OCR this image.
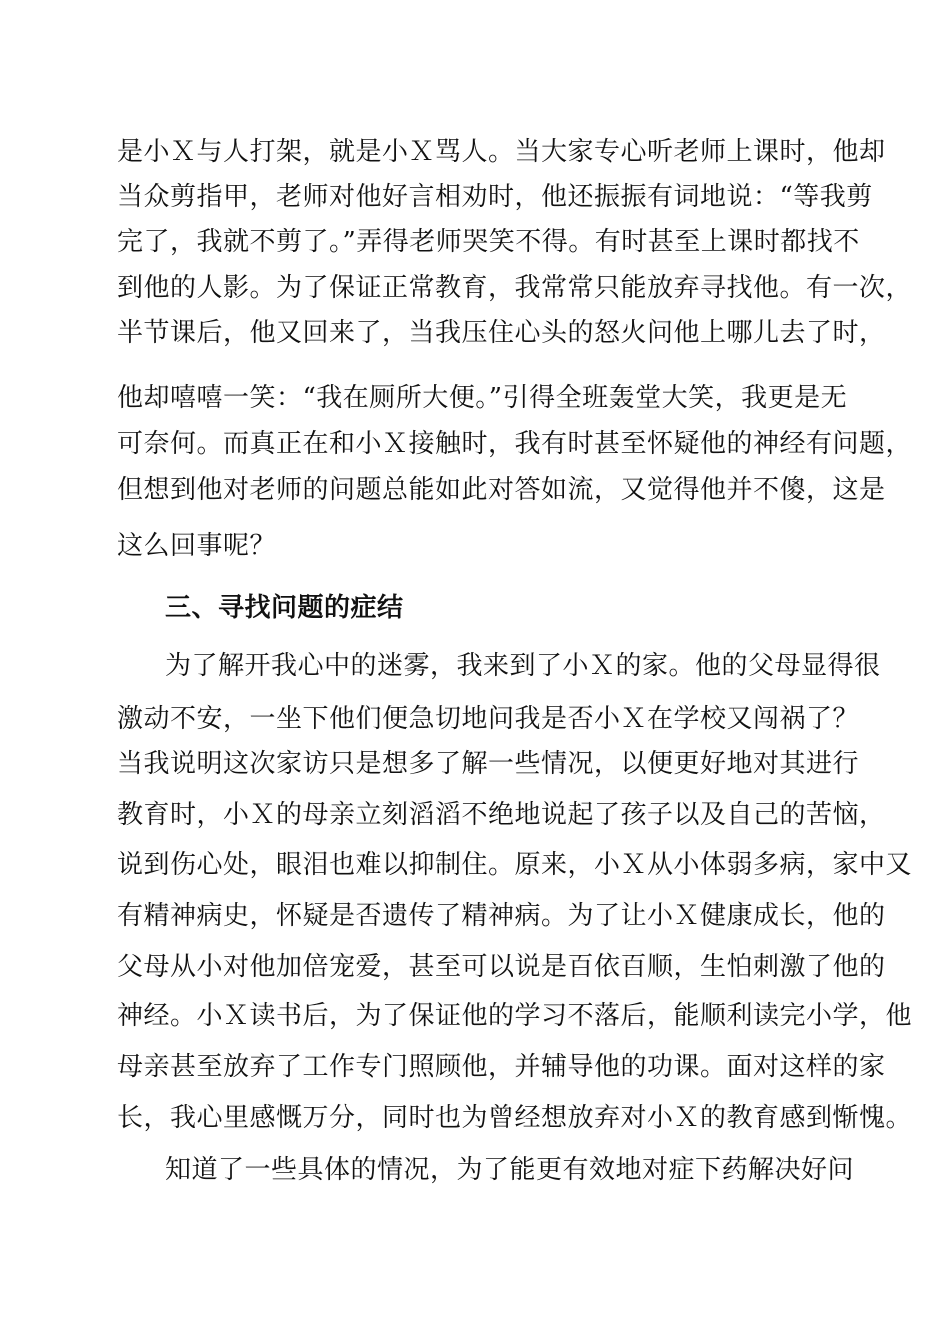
是小Ｘ与人打架，就是小Ｘ骂人。当大家专心听老师上课时，他却
当众剪指甲，老师对他好言相劝时，他还振振有词地说：“等我剪
完了，我就不剪了。”弄得老师哭笑不得。有时甚至上课时都找不
到他的人影。为了保证正常教育，我常常只能放弃寻找他。有一次，
半节课后，他又回来了，当我压住心头的怒火问他上哪儿去了时，
他却嘻嘻一笑：“我在厕所大便。”引得全班轰堂大笑，我更是无
可奈何。而真正在和小Ｘ接触时，我有时甚至怀疑他的神经有问题，
但想到他对老师的问题总能如此对答如流，又觉得他并不傻，这是
这么回事呢？
三、寻找问题的症结
为了解开我心中的迷雾，我来到了小Ｘ的家。他的父母显得很
激动不安，一坐下他们便急切地问我是否小Ｘ在学校又闯祸了？
当我说明这次家访只是想多了解一些情况，以便更好地对其进行
教育时，小Ｘ的母亲立刻滔滔不绝地说起了孩子以及自己的苦恼，
说到伤心处，眼泪也难以抑制住。原来，小Ｘ从小体弱多病，家中又
有精神病史，怀疑是否遗传了精神病。为了让小Ｘ健康成长，他的
父母从小对他加倍宠爱，甚至可以说是百依百顺，生怕刺激了他的
神经。小Ｘ读书后，为了保证他的学习不落后，能顺利读完小学，他
母亲甚至放弃了工作专门照顾他，并辅导他的功课。面对这样的家
长，我心里感慨万分，同时也为曾经想放弃对小Ｘ的教育感到惭愧。
知道了一些具体的情况，为了能更有效地对症下药解决好问
